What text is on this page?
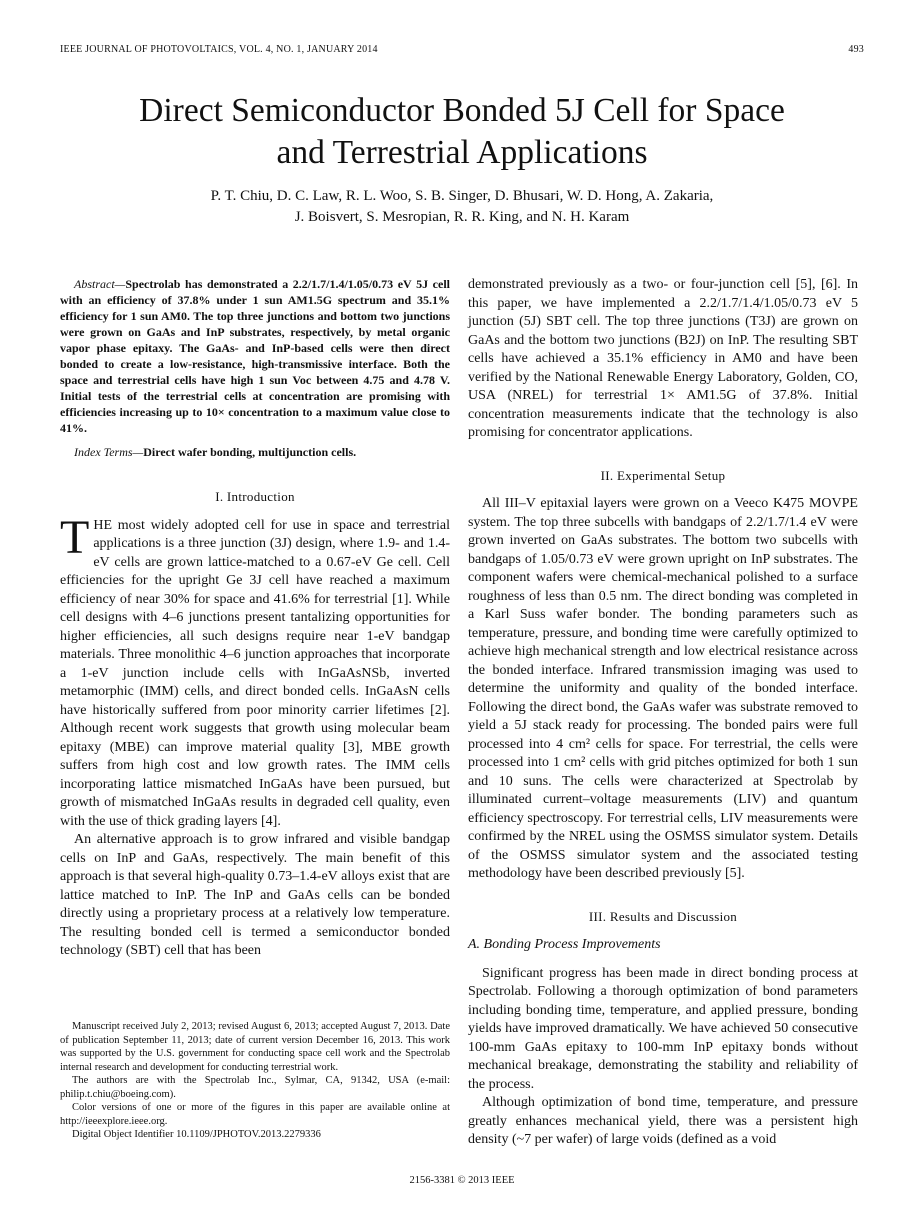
IEEE JOURNAL OF PHOTOVOLTAICS, VOL. 4, NO. 1, JANUARY 2014	493
Direct Semiconductor Bonded 5J Cell for Space
and Terrestrial Applications
P. T. Chiu, D. C. Law, R. L. Woo, S. B. Singer, D. Bhusari, W. D. Hong, A. Zakaria,
J. Boisvert, S. Mesropian, R. R. King, and N. H. Karam

Abstract—Spectrolab has demonstrated a 2.2/1.7/1.4/1.05/0.73 eV 5J cell with an efficiency of 37.8% under 1 sun AM1.5G spectrum and 35.1% efficiency for 1 sun AM0. The top three junctions and bottom two junctions were grown on GaAs and InP substrates, respectively, by metal organic vapor phase epitaxy. The GaAs- and InP-based cells were then direct bonded to create a low-resistance, high-transmissive interface. Both the space and terrestrial cells have high 1 sun Voc between 4.75 and 4.78 V. Initial tests of the terrestrial cells at concentration are promising with efficiencies increasing up to 10× concentration to a maximum value close to 41%.

Index Terms—Direct wafer bonding, multijunction cells.

I. Introduction

THE most widely adopted cell for use in space and terrestrial applications is a three junction (3J) design, where 1.9- and 1.4-eV cells are grown lattice-matched to a 0.67-eV Ge cell. Cell efficiencies for the upright Ge 3J cell have reached a maximum efficiency of near 30% for space and 41.6% for terrestrial [1]. While cell designs with 4–6 junctions present tantalizing opportunities for higher efficiencies, all such designs require near 1-eV bandgap materials. Three monolithic 4–6 junction approaches that incorporate a 1-eV junction include cells with InGaAsNSb, inverted metamorphic (IMM) cells, and direct bonded cells. InGaAsN cells have historically suffered from poor minority carrier lifetimes [2]. Although recent work suggests that growth using molecular beam epitaxy (MBE) can improve material quality [3], MBE growth suffers from high cost and low growth rates. The IMM cells incorporating lattice mismatched InGaAs have been pursued, but growth of mismatched InGaAs results in degraded cell quality, even with the use of thick grading layers [4].

An alternative approach is to grow infrared and visible bandgap cells on InP and GaAs, respectively. The main benefit of this approach is that several high-quality 0.73–1.4-eV alloys exist that are lattice matched to InP. The InP and GaAs cells can be bonded directly using a proprietary process at a relatively low temperature. The resulting bonded cell is termed a semiconductor bonded technology (SBT) cell that has been

demonstrated previously as a two- or four-junction cell [5], [6]. In this paper, we have implemented a 2.2/1.7/1.4/1.05/0.73 eV 5 junction (5J) SBT cell. The top three junctions (T3J) are grown on GaAs and the bottom two junctions (B2J) on InP. The resulting SBT cells have achieved a 35.1% efficiency in AM0 and have been verified by the National Renewable Energy Laboratory, Golden, CO, USA (NREL) for terrestrial 1× AM1.5G of 37.8%. Initial concentration measurements indicate that the technology is also promising for concentrator applications.

II. Experimental Setup

All III–V epitaxial layers were grown on a Veeco K475 MOVPE system. The top three subcells with bandgaps of 2.2/1.7/1.4 eV were grown inverted on GaAs substrates. The bottom two subcells with bandgaps of 1.05/0.73 eV were grown upright on InP substrates. The component wafers were chemical-mechanical polished to a surface roughness of less than 0.5 nm. The direct bonding was completed in a Karl Suss wafer bonder. The bonding parameters such as temperature, pressure, and bonding time were carefully optimized to achieve high mechanical strength and low electrical resistance across the bonded interface. Infrared transmission imaging was used to determine the uniformity and quality of the bonded interface. Following the direct bond, the GaAs wafer was substrate removed to yield a 5J stack ready for processing. The bonded pairs were full processed into 4 cm² cells for space. For terrestrial, the cells were processed into 1 cm² cells with grid pitches optimized for both 1 sun and 10 suns. The cells were characterized at Spectrolab by illuminated current–voltage measurements (LIV) and quantum efficiency spectroscopy. For terrestrial cells, LIV measurements were confirmed by the NREL using the OSMSS simulator system. Details of the OSMSS simulator system and the associated testing methodology have been described previously [5].

III. Results and Discussion

A. Bonding Process Improvements

Significant progress has been made in direct bonding process at Spectrolab. Following a thorough optimization of bond parameters including bonding time, temperature, and applied pressure, bonding yields have improved dramatically. We have achieved 50 consecutive 100-mm GaAs epitaxy to 100-mm InP epitaxy bonds without mechanical breakage, demonstrating the stability and reliability of the process.

Although optimization of bond time, temperature, and pressure greatly enhances mechanical yield, there was a persistent high density (~7 per wafer) of large voids (defined as a void

Manuscript received July 2, 2013; revised August 6, 2013; accepted August 7, 2013. Date of publication September 11, 2013; date of current version December 16, 2013. This work was supported by the U.S. government for conducting space cell work and the Spectrolab internal research and development for conducting terrestrial work.

The authors are with the Spectrolab Inc., Sylmar, CA, 91342, USA (e-mail: philip.t.chiu@boeing.com).

Color versions of one or more of the figures in this paper are available online at http://ieeexplore.ieee.org.

Digital Object Identifier 10.1109/JPHOTOV.2013.2279336

2156-3381 © 2013 IEEE
